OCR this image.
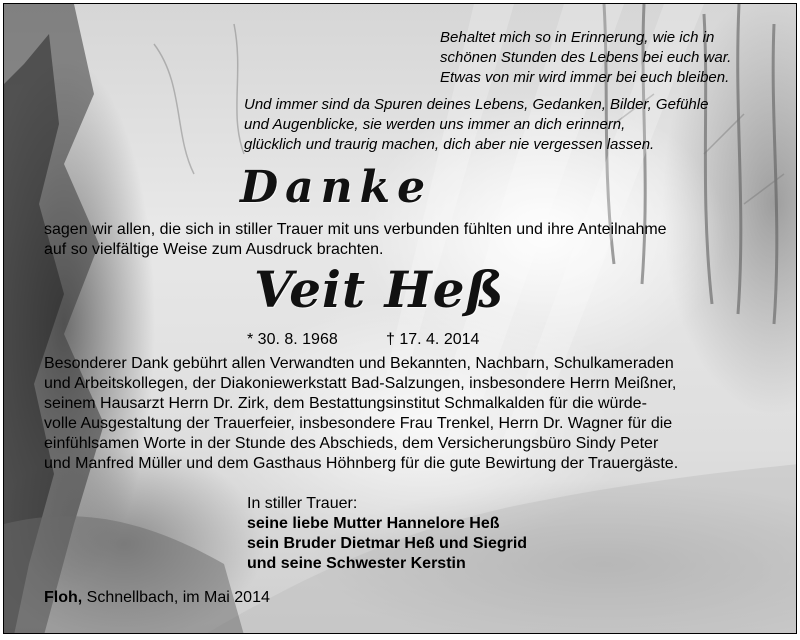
Behaltet mich so in Erinnerung, wie ich in
schönen Stunden des Lebens bei euch war.
Etwas von mir wird immer bei euch bleiben.

Und immer sind da Spuren deines Lebens, Gedanken, Bilder, Gefühle
und Augenblicke, sie werden uns immer an dich erinnern,
glücklich und traurig machen, dich aber nie vergessen lassen.

Danke

sagen wir allen, die sich in stiller Trauer mit uns verbunden fühlten und ihre Anteilnahme
auf so vielfältige Weise zum Ausdruck brachten.

Veit Heß
* 30. 8. 1968	† 17. 4. 2014

Besonderer Dank gebührt allen Verwandten und Bekannten, Nachbarn, Schulkameraden
und Arbeitskollegen, der Diakoniewerkstatt Bad-Salzungen, insbesondere Herrn Meißner,
seinem Hausarzt Herrn Dr. Zirk, dem Bestattungsinstitut Schmalkalden für die würde-
volle Ausgestaltung der Trauerfeier, insbesondere Frau Trenkel, Herrn Dr. Wagner für die
einfühlsamen Worte in der Stunde des Abschieds, dem Versicherungsbüro Sindy Peter
und Manfred Müller und dem Gasthaus Höhnberg für die gute Bewirtung der Trauergäste.

In stiller Trauer:
seine liebe Mutter Hannelore Heß
sein Bruder Dietmar Heß und Siegrid
und seine Schwester Kerstin

Floh, Schnellbach, im Mai 2014
